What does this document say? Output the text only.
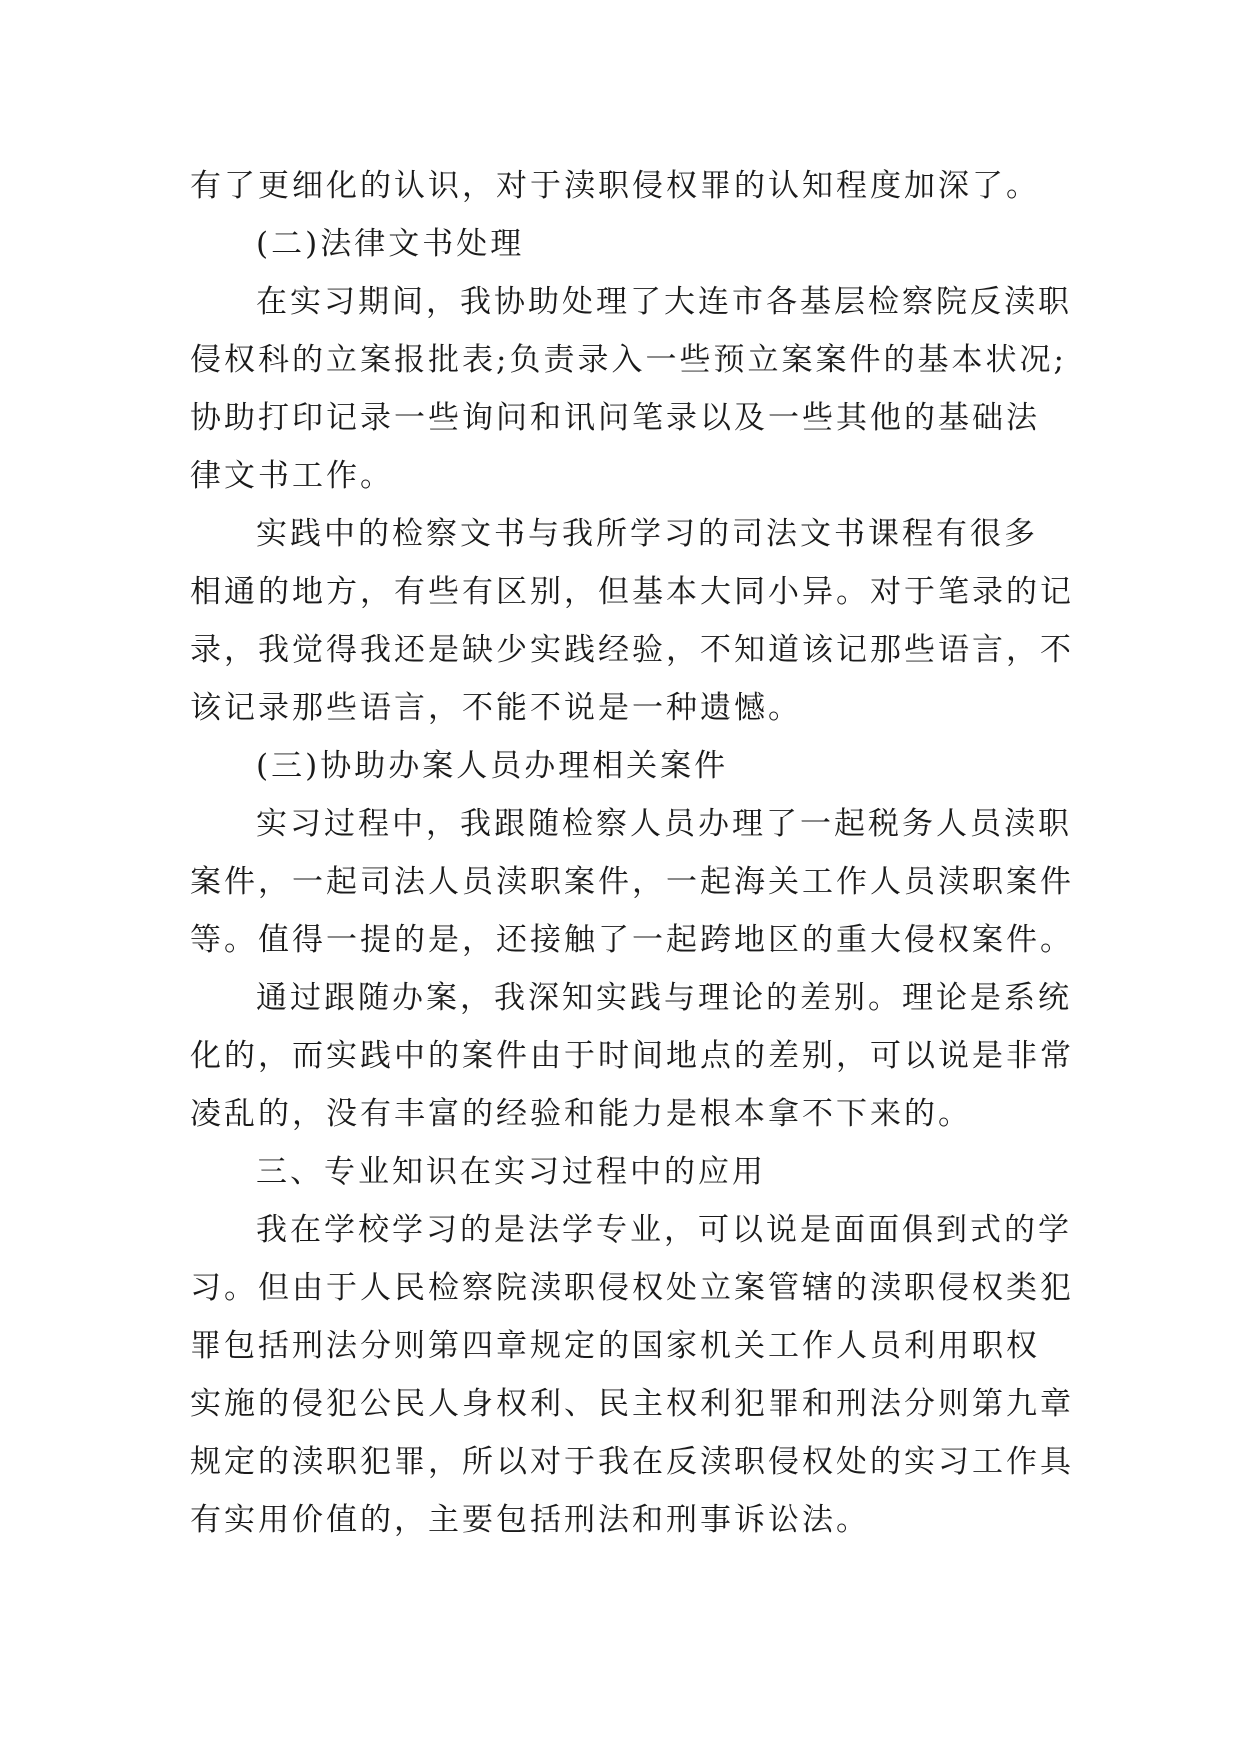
有了更细化的认识，对于渎职侵权罪的认知程度加深了。
(二)法律文书处理
在实习期间，我协助处理了大连市各基层检察院反渎职
侵权科的立案报批表;负责录入一些预立案案件的基本状况;
协助打印记录一些询问和讯问笔录以及一些其他的基础法
律文书工作。
实践中的检察文书与我所学习的司法文书课程有很多
相通的地方，有些有区别，但基本大同小异。对于笔录的记
录，我觉得我还是缺少实践经验，不知道该记那些语言，不
该记录那些语言，不能不说是一种遗憾。
(三)协助办案人员办理相关案件
实习过程中，我跟随检察人员办理了一起税务人员渎职
案件，一起司法人员渎职案件，一起海关工作人员渎职案件
等。值得一提的是，还接触了一起跨地区的重大侵权案件。
通过跟随办案，我深知实践与理论的差别。理论是系统
化的，而实践中的案件由于时间地点的差别，可以说是非常
凌乱的，没有丰富的经验和能力是根本拿不下来的。
三、专业知识在实习过程中的应用
我在学校学习的是法学专业，可以说是面面俱到式的学
习。但由于人民检察院渎职侵权处立案管辖的渎职侵权类犯
罪包括刑法分则第四章规定的国家机关工作人员利用职权
实施的侵犯公民人身权利、民主权利犯罪和刑法分则第九章
规定的渎职犯罪，所以对于我在反渎职侵权处的实习工作具
有实用价值的，主要包括刑法和刑事诉讼法。
